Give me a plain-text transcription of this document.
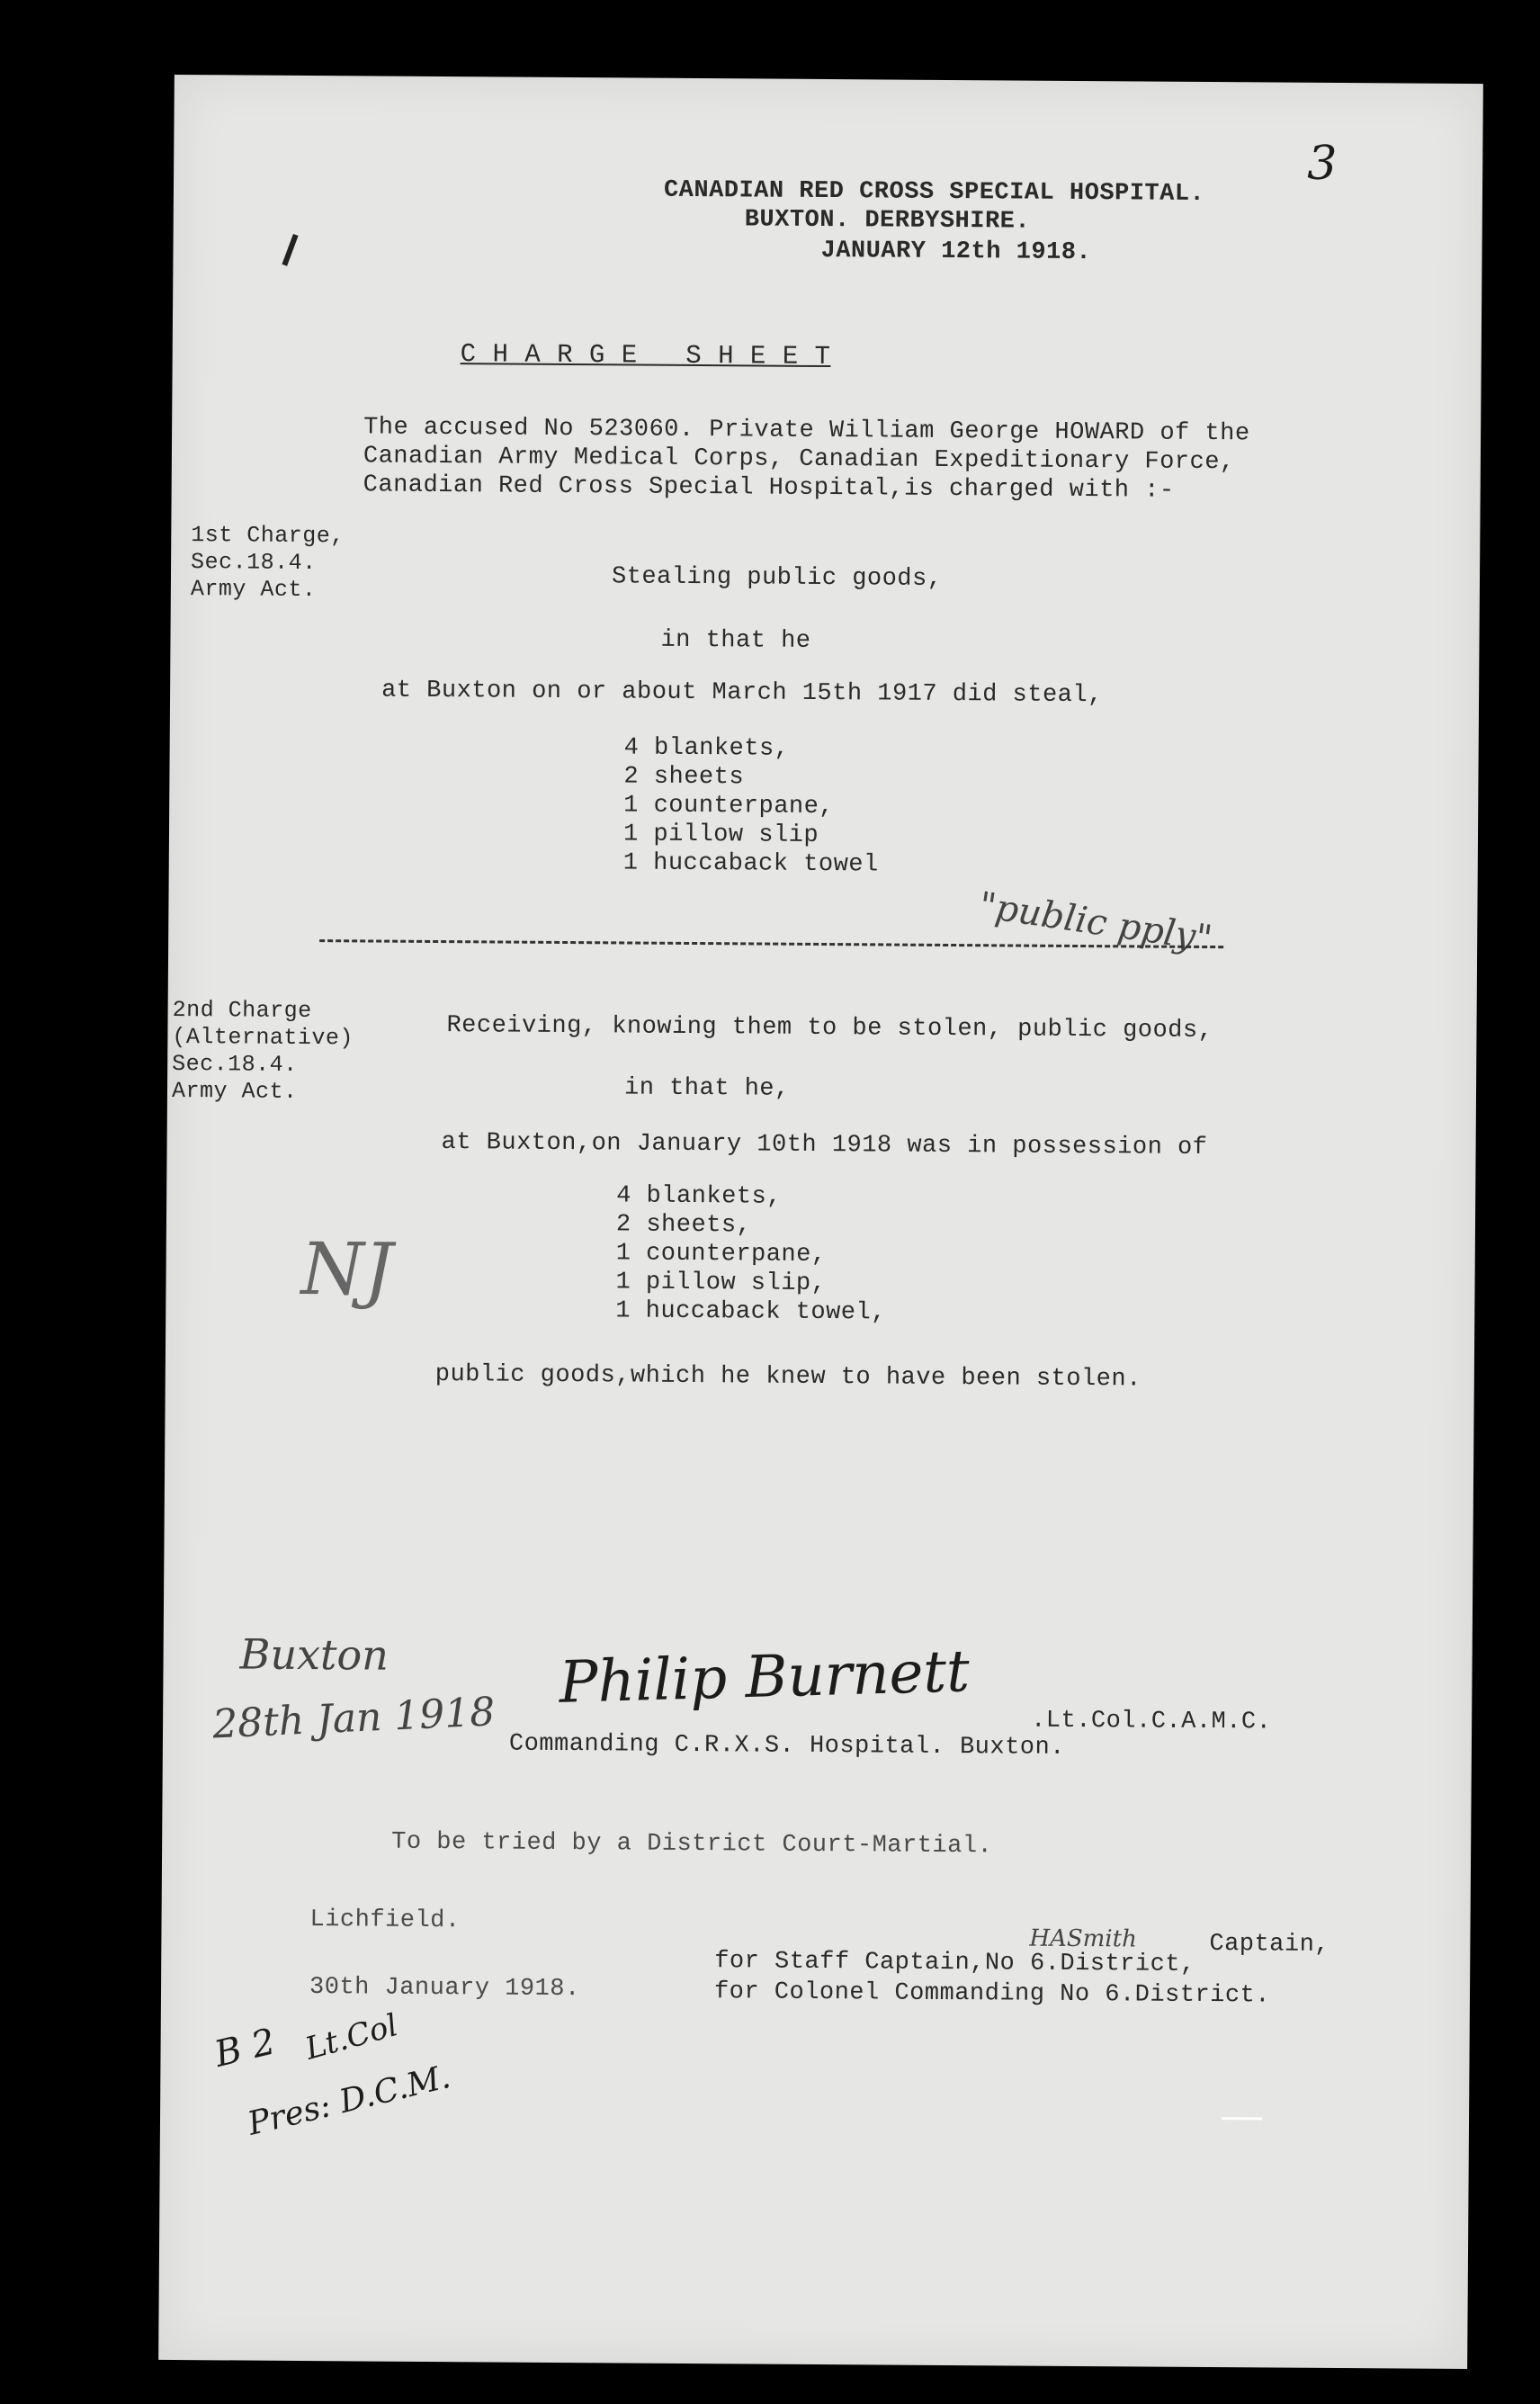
3
CANADIAN RED CROSS SPECIAL HOSPITAL.
BUXTON. DERBYSHIRE.
JANUARY 12th 1918.
C H A R G E   S H E E T
The accused No 523060. Private William George HOWARD of the
Canadian Army Medical Corps, Canadian Expeditionary Force,
Canadian Red Cross Special Hospital,is charged with :-
1st Charge,
Sec.18.4.
Army Act.	Stealing public goods,
in that he
at Buxton on or about March 15th 1917 did steal,
4 blankets,
2 sheets
1 counterpane,
1 pillow slip
1 huccaback towel
"public pply"
2nd Charge
(Alternative)
Sec.18.4.
Army Act.
Receiving, knowing them to be stolen, public goods,
in that he,
at Buxton,on January 10th 1918 was in possession of
4 blankets,
2 sheets,
1 counterpane,
1 pillow slip,
1 huccaback towel,
NJ
public goods,which he knew to have been stolen.
Buxton
28th Jan 1918
Philip Burnett
.Lt.Col.C.A.M.C.
Commanding C.R.X.S. Hospital. Buxton.
To be tried by a District Court-Martial.
Lichfield.
30th January 1918.
HASmith	Captain,
for Staff Captain,No 6.District,
for Colonel Commanding No 6.District.
B 2 Lt.Col
Pres: D.C.M.
